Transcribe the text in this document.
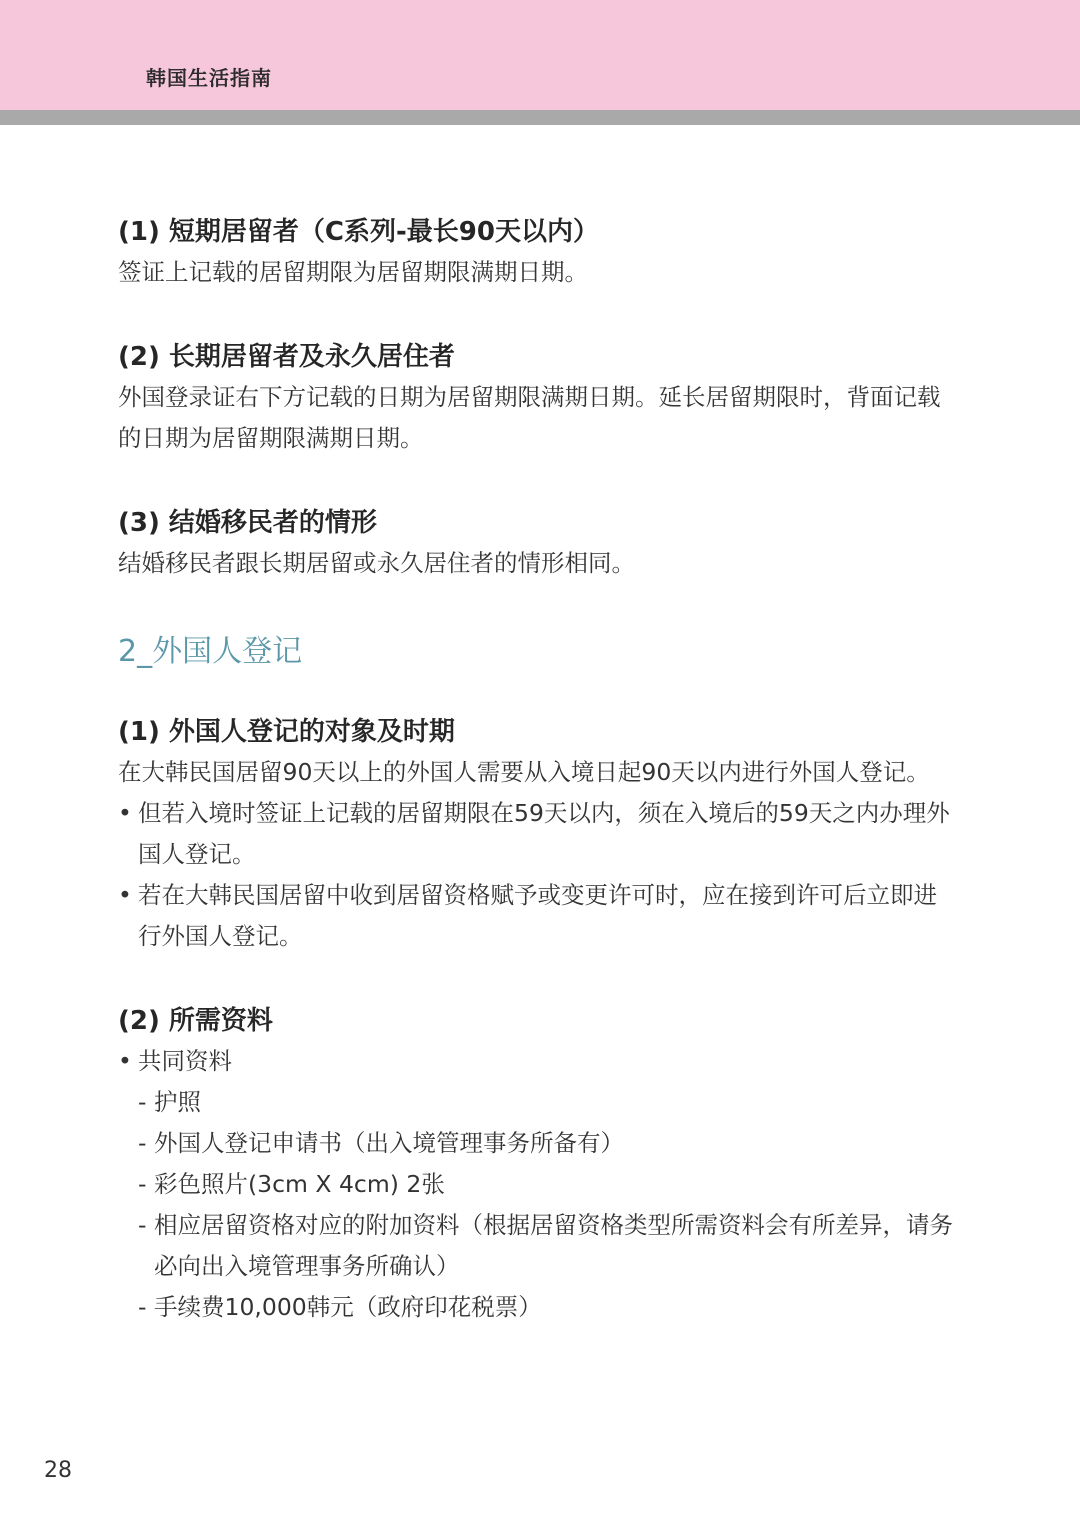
韩国生活指南
(1) 短期居留者（C系列-最长90天以内）
签证上记载的居留期限为居留期限满期日期。
(2) 长期居留者及永久居住者
外国登录证右下方记载的日期为居留期限满期日期。延长居留期限时，背面记载的日期为居留期限满期日期。
(3) 结婚移民者的情形
结婚移民者跟长期居留或永久居住者的情形相同。
2_外国人登记
(1) 外国人登记的对象及时期
在大韩民国居留90天以上的外国人需要从入境日起90天以内进行外国人登记。
• 但若入境时签证上记载的居留期限在59天以内，须在入境后的59天之内办理外国人登记。
• 若在大韩民国居留中收到居留资格赋予或变更许可时，应在接到许可后立即进行外国人登记。
(2) 所需资料
• 共同资料
- 护照
- 外国人登记申请书（出入境管理事务所备有）
- 彩色照片(3cm X 4cm) 2张
- 相应居留资格对应的附加资料（根据居留资格类型所需资料会有所差异，请务必向出入境管理事务所确认）
- 手续费10,000韩元（政府印花税票）
28
